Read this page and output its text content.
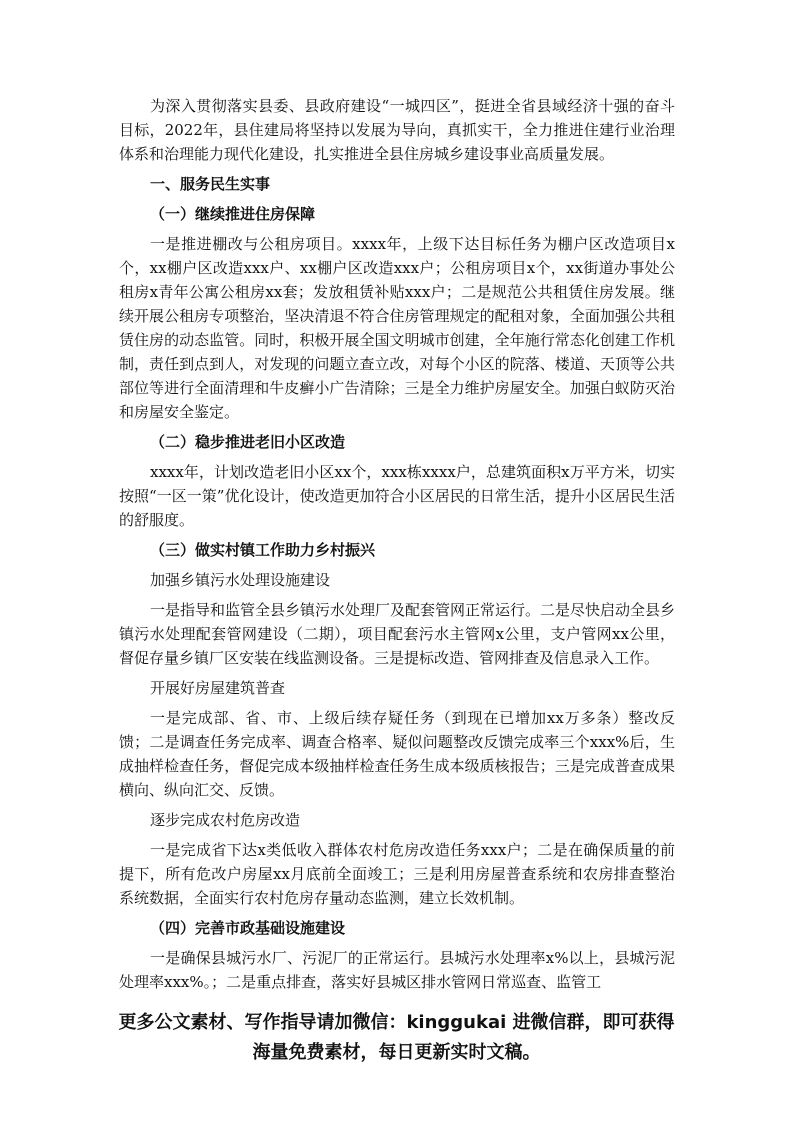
为深入贯彻落实县委、县政府建设“一城四区”，挺进全省县域经济十强的奋斗目标，2022年，县住建局将坚持以发展为导向，真抓实干，全力推进住建行业治理体系和治理能力现代化建设，扎实推进全县住房城乡建设事业高质量发展。

一、服务民生实事
（一）继续推进住房保障

一是推进棚改与公租房项目。xxxx年，上级下达目标任务为棚户区改造项目x个，xx棚户区改造xxx户、xx棚户区改造xxx户；公租房项目x个，xx街道办事处公租房x青年公寓公租房xx套；发放租赁补贴xxx户；二是规范公共租赁住房发展。继续开展公租房专项整治，坚决清退不符合住房管理规定的配租对象，全面加强公共租赁住房的动态监管。同时，积极开展全国文明城市创建，全年施行常态化创建工作机制，责任到点到人，对发现的问题立查立改，对每个小区的院落、楼道、天顶等公共部位等进行全面清理和牛皮癣小广告清除；三是全力维护房屋安全。加强白蚁防灭治和房屋安全鉴定。

（二）稳步推进老旧小区改造

xxxx年，计划改造老旧小区xx个，xxx栋xxxx户，总建筑面积x万平方米，切实按照“一区一策”优化设计，使改造更加符合小区居民的日常生活，提升小区居民生活的舒服度。

（三）做实村镇工作助力乡村振兴

加强乡镇污水处理设施建设

一是指导和监管全县乡镇污水处理厂及配套管网正常运行。二是尽快启动全县乡镇污水处理配套管网建设（二期），项目配套污水主管网x公里，支户管网xx公里，督促存量乡镇厂区安装在线监测设备。三是提标改造、管网排查及信息录入工作。

开展好房屋建筑普查

一是完成部、省、市、上级后续存疑任务（到现在已增加xx万多条）整改反馈；二是调查任务完成率、调查合格率、疑似问题整改反馈完成率三个xxx%后，生成抽样检查任务，督促完成本级抽样检查任务生成本级质核报告；三是完成普查成果横向、纵向汇交、反馈。

逐步完成农村危房改造

一是完成省下达x类低收入群体农村危房改造任务xxx户；二是在确保质量的前提下，所有危改户房屋xx月底前全面竣工；三是利用房屋普查系统和农房排查整治系统数据，全面实行农村危房存量动态监测，建立长效机制。

（四）完善市政基础设施建设

一是确保县城污水厂、污泥厂的正常运行。县城污水处理率x%以上，县城污泥处理率xxx%。；二是重点排查，落实好县城区排水管网日常巡查、监管工

更多公文素材、写作指导请加微信：kinggukai 进微信群，即可获得
海量免费素材，每日更新实时文稿。
